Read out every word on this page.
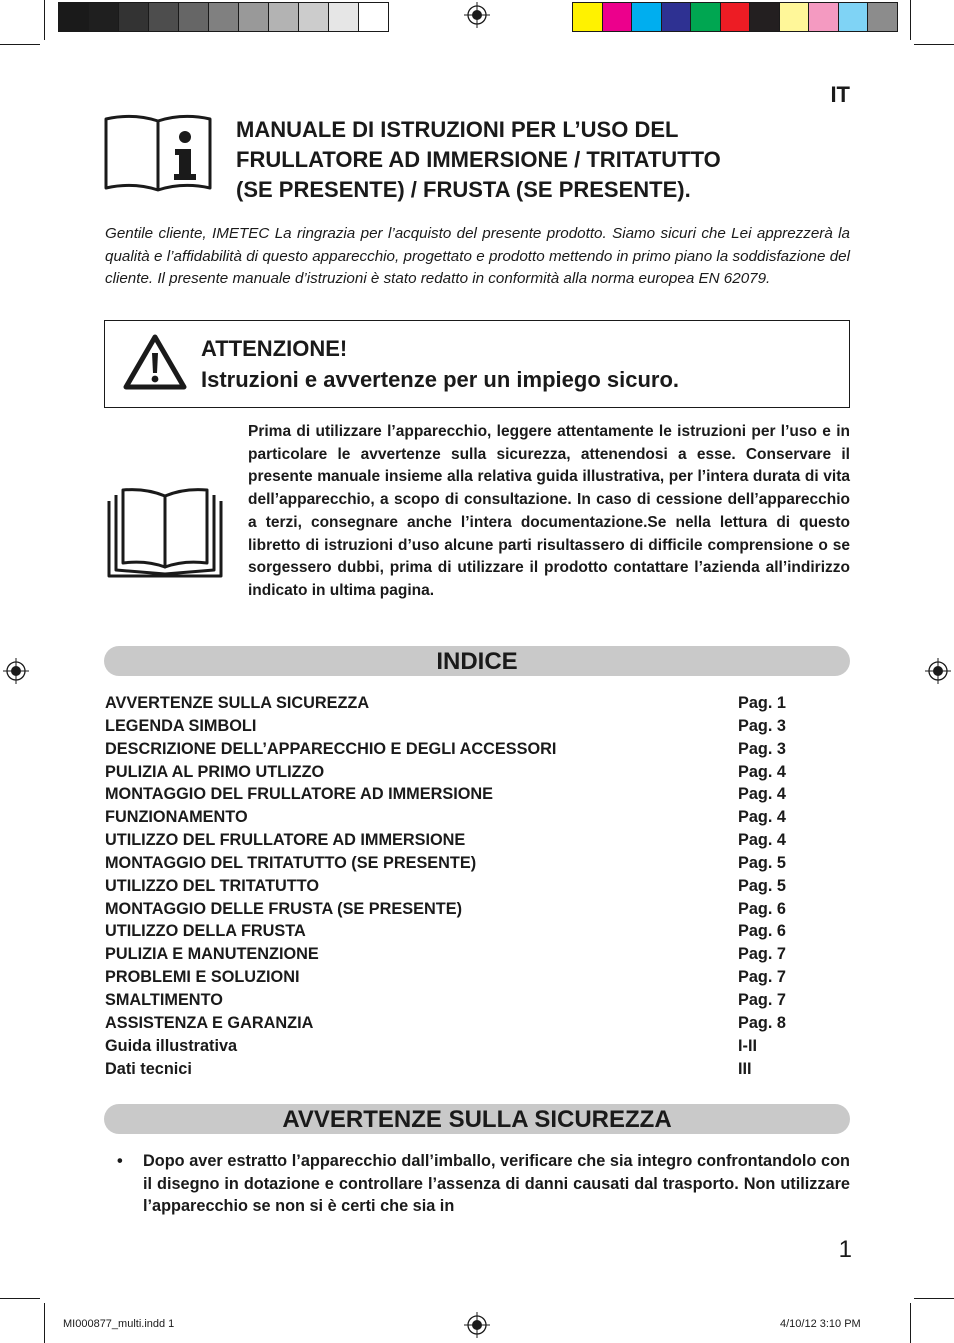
IT
MANUALE DI ISTRUZIONI PER L’USO DEL
FRULLATORE AD IMMERSIONE / TRITATUTTO
(SE PRESENTE) / FRUSTA (SE PRESENTE).
Gentile cliente, IMETEC La ringrazia per l’acquisto del presente prodotto. Siamo sicuri che Lei apprezzerà la qualità e l’affidabilità di questo apparecchio, progettato e prodotto mettendo in primo piano la soddisfazione del cliente. Il presente manuale d’istruzioni è stato redatto in conformità alla norma europea EN 62079.
ATTENZIONE!
Istruzioni e avvertenze per un impiego sicuro.
Prima di utilizzare l’apparecchio, leggere attentamente le istruzioni per l’uso e in particolare le avvertenze sulla sicurezza, attenendosi a esse. Conservare il presente manuale insieme alla relativa guida illustrativa, per l’intera durata di vita dell’apparecchio, a scopo di consultazione. In caso di cessione dell’apparecchio a terzi, consegnare anche l’intera documentazione.Se nella lettura di questo libretto di istruzioni d’uso alcune parti risultassero di difficile comprensione o se sorgessero dubbi, prima di utilizzare il prodotto contattare l’azienda all’indirizzo indicato in ultima pagina.
INDICE
AVVERTENZE SULLA SICUREZZA	Pag. 1
LEGENDA SIMBOLI	Pag. 3
DESCRIZIONE DELL’APPARECCHIO E DEGLI ACCESSORI	Pag. 3
PULIZIA AL PRIMO UTLIZZO	Pag. 4
MONTAGGIO DEL FRULLATORE AD IMMERSIONE	Pag. 4
FUNZIONAMENTO	Pag. 4
UTILIZZO DEL FRULLATORE AD IMMERSIONE	Pag. 4
MONTAGGIO DEL TRITATUTTO (SE PRESENTE)	Pag. 5
UTILIZZO DEL TRITATUTTO	Pag. 5
MONTAGGIO DELLE FRUSTA (SE PRESENTE)	Pag. 6
UTILIZZO DELLA FRUSTA	Pag. 6
PULIZIA E MANUTENZIONE	Pag. 7
PROBLEMI E SOLUZIONI	Pag. 7
SMALTIMENTO	Pag. 7
ASSISTENZA E GARANZIA	Pag. 8
Guida illustrativa	I-II
Dati tecnici	III
AVVERTENZE SULLA SICUREZZA
• Dopo aver estratto l’apparecchio dall’imballo, verificare che sia integro confrontandolo con il disegno in dotazione e controllare l’assenza di danni causati dal trasporto. Non utilizzare l’apparecchio se non si è certi che sia in
1
MI000877_multi.indd 1	4/10/12 3:10 PM
